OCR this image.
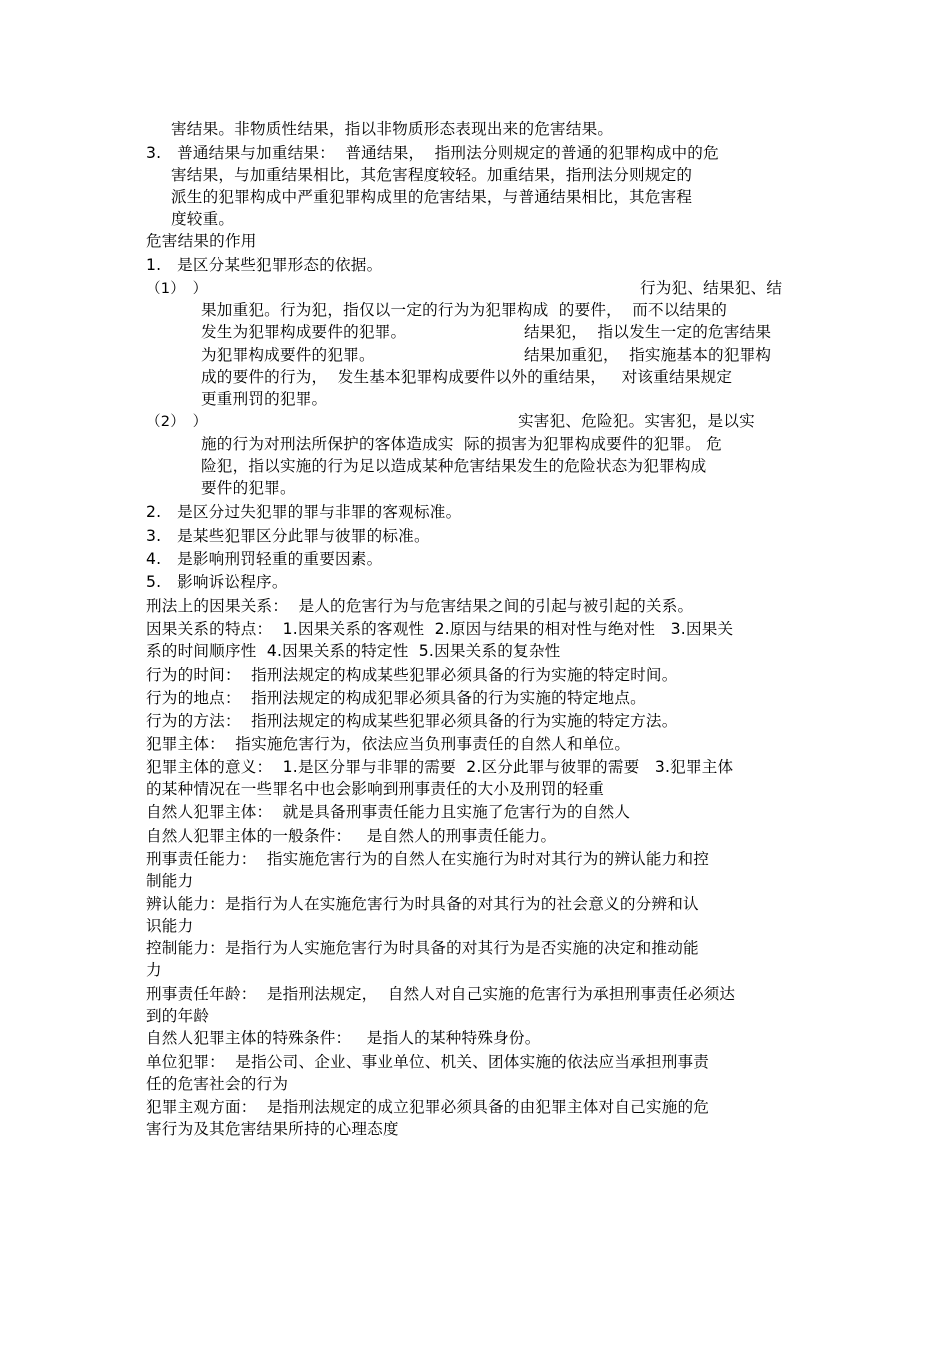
害结果。非物质性结果，指以非物质形态表现出来的危害结果。
3.　普通结果与加重结果：  普通结果，  指刑法分则规定的普通的犯罪构成中的危
害结果，与加重结果相比，其危害程度较轻。加重结果，指刑法分则规定的
派生的犯罪构成中严重犯罪构成里的危害结果，与普通结果相比，其危害程
度较重。
危害结果的作用
1.　是区分某些犯罪形态的依据。
（1）　）	行为犯、结果犯、结
果加重犯。行为犯，指仅以一定的行为为犯罪构成  的要件，  而不以结果的
发生为犯罪构成要件的犯罪。	结果犯，  指以发生一定的危害结果
为犯罪构成要件的犯罪。	结果加重犯，  指实施基本的犯罪构
成的要件的行为，  发生基本犯罪构成要件以外的重结果，   对该重结果规定
更重刑罚的犯罪。
（2）　）	实害犯、危险犯。实害犯，是以实
施的行为对刑法所保护的客体造成实  际的损害为犯罪构成要件的犯罪。 危
险犯，指以实施的行为足以造成某种危害结果发生的危险状态为犯罪构成
要件的犯罪。
2.　是区分过失犯罪的罪与非罪的客观标准。
3.　是某些犯罪区分此罪与彼罪的标准。
4.　是影响刑罚轻重的重要因素。
5.　影响诉讼程序。
刑法上的因果关系：  是人的危害行为与危害结果之间的引起与被引起的关系。
因果关系的特点：  1.因果关系的客观性  2.原因与结果的相对性与绝对性   3.因果关
系的时间顺序性  4.因果关系的特定性  5.因果关系的复杂性
行为的时间：  指刑法规定的构成某些犯罪必须具备的行为实施的特定时间。
行为的地点：  指刑法规定的构成犯罪必须具备的行为实施的特定地点。
行为的方法：  指刑法规定的构成某些犯罪必须具备的行为实施的特定方法。
犯罪主体：  指实施危害行为，依法应当负刑事责任的自然人和单位。
犯罪主体的意义：  1.是区分罪与非罪的需要  2.区分此罪与彼罪的需要   3.犯罪主体
的某种情况在一些罪名中也会影响到刑事责任的大小及刑罚的轻重
自然人犯罪主体：  就是具备刑事责任能力且实施了危害行为的自然人
自然人犯罪主体的一般条件：   是自然人的刑事责任能力。
刑事责任能力：  指实施危害行为的自然人在实施行为时对其行为的辨认能力和控
制能力
辨认能力：是指行为人在实施危害行为时具备的对其行为的社会意义的分辨和认
识能力
控制能力：是指行为人实施危害行为时具备的对其行为是否实施的决定和推动能
力
刑事责任年龄：  是指刑法规定，  自然人对自己实施的危害行为承担刑事责任必须达
到的年龄
自然人犯罪主体的特殊条件：   是指人的某种特殊身份。
单位犯罪：  是指公司、企业、事业单位、机关、团体实施的依法应当承担刑事责
任的危害社会的行为
犯罪主观方面：  是指刑法规定的成立犯罪必须具备的由犯罪主体对自己实施的危
害行为及其危害结果所持的心理态度
